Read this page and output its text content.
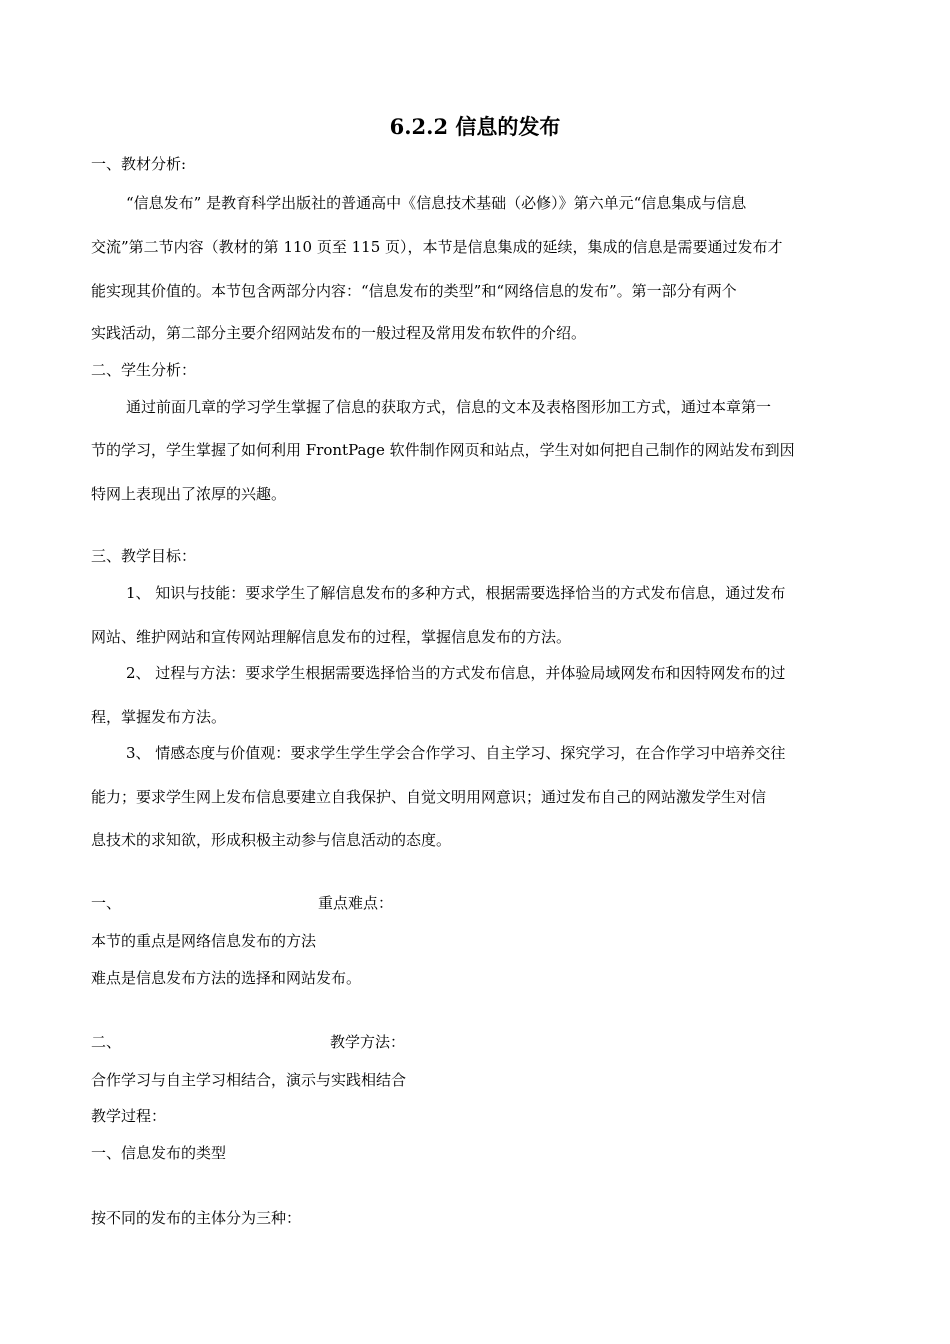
6.2.2 信息的发布
一、教材分析:
“信息发布” 是教育科学出版社的普通高中《信息技术基础（必修）》第六单元“信息集成与信息
交流”第二节内容（教材的第 110 页至 115 页），本节是信息集成的延续，集成的信息是需要通过发布才
能实现其价值的。本节包含两部分内容：“信息发布的类型”和“网络信息的发布”。第一部分有两个
实践活动，第二部分主要介绍网站发布的一般过程及常用发布软件的介绍。
二、学生分析：
通过前面几章的学习学生掌握了信息的获取方式，信息的文本及表格图形加工方式，通过本章第一
节的学习，学生掌握了如何利用 FrontPage 软件制作网页和站点，学生对如何把自己制作的网站发布到因
特网上表现出了浓厚的兴趣。
三、教学目标：
1、 知识与技能：要求学生了解信息发布的多种方式，根据需要选择恰当的方式发布信息，通过发布
网站、维护网站和宣传网站理解信息发布的过程，掌握信息发布的方法。
2、 过程与方法：要求学生根据需要选择恰当的方式发布信息，并体验局域网发布和因特网发布的过
程，掌握发布方法。
3、 情感态度与价值观：要求学生学生学会合作学习、自主学习、探究学习，在合作学习中培养交往
能力；要求学生网上发布信息要建立自我保护、自觉文明用网意识；通过发布自己的网站激发学生对信
息技术的求知欲，形成积极主动参与信息活动的态度。
一、	重点难点：
本节的重点是网络信息发布的方法
难点是信息发布方法的选择和网站发布。
二、	教学方法：
合作学习与自主学习相结合，演示与实践相结合
教学过程：
一、信息发布的类型
按不同的发布的主体分为三种：
